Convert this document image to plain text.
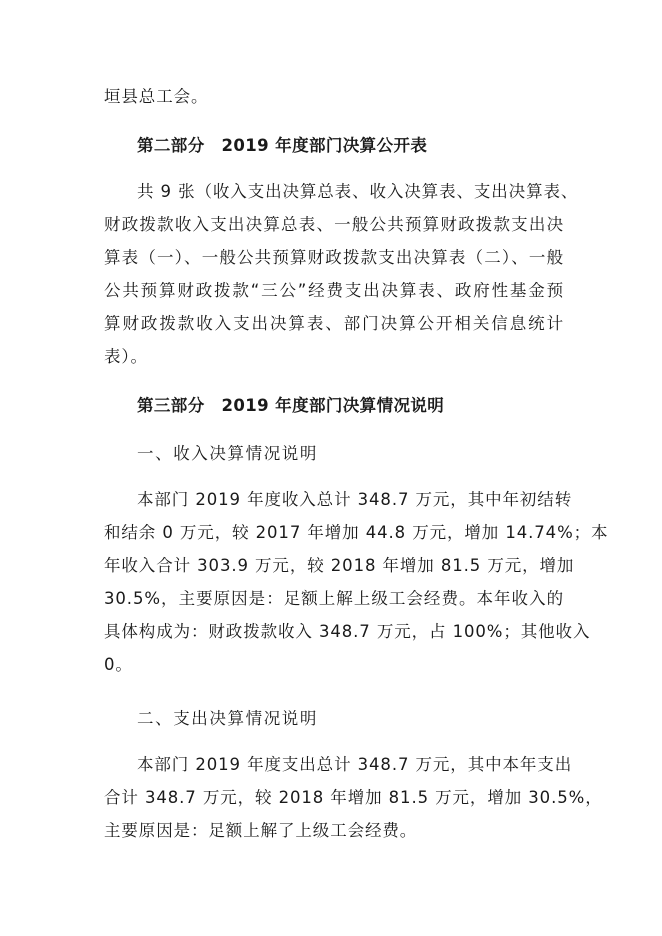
垣县总工会。
第二部分　2019 年度部门决算公开表
共 9 张（收入支出决算总表、收入决算表、支出决算表、
财政拨款收入支出决算总表、一般公共预算财政拨款支出决
算表（一）、一般公共预算财政拨款支出决算表（二）、一般
公共预算财政拨款“三公”经费支出决算表、政府性基金预
算财政拨款收入支出决算表、部门决算公开相关信息统计
表）。
第三部分　2019 年度部门决算情况说明
一、收入决算情况说明
本部门 2019 年度收入总计 348.7 万元，其中年初结转
和结余 0 万元，较 2017 年增加 44.8 万元，增加 14.74%；本
年收入合计 303.9 万元，较 2018 年增加 81.5 万元，增加
30.5%，主要原因是：足额上解上级工会经费。本年收入的
具体构成为：财政拨款收入 348.7 万元，占 100%；其他收入
0。
二、支出决算情况说明
本部门 2019 年度支出总计 348.7 万元，其中本年支出
合计 348.7 万元，较 2018 年增加 81.5 万元，增加 30.5%，
主要原因是：足额上解了上级工会经费。
